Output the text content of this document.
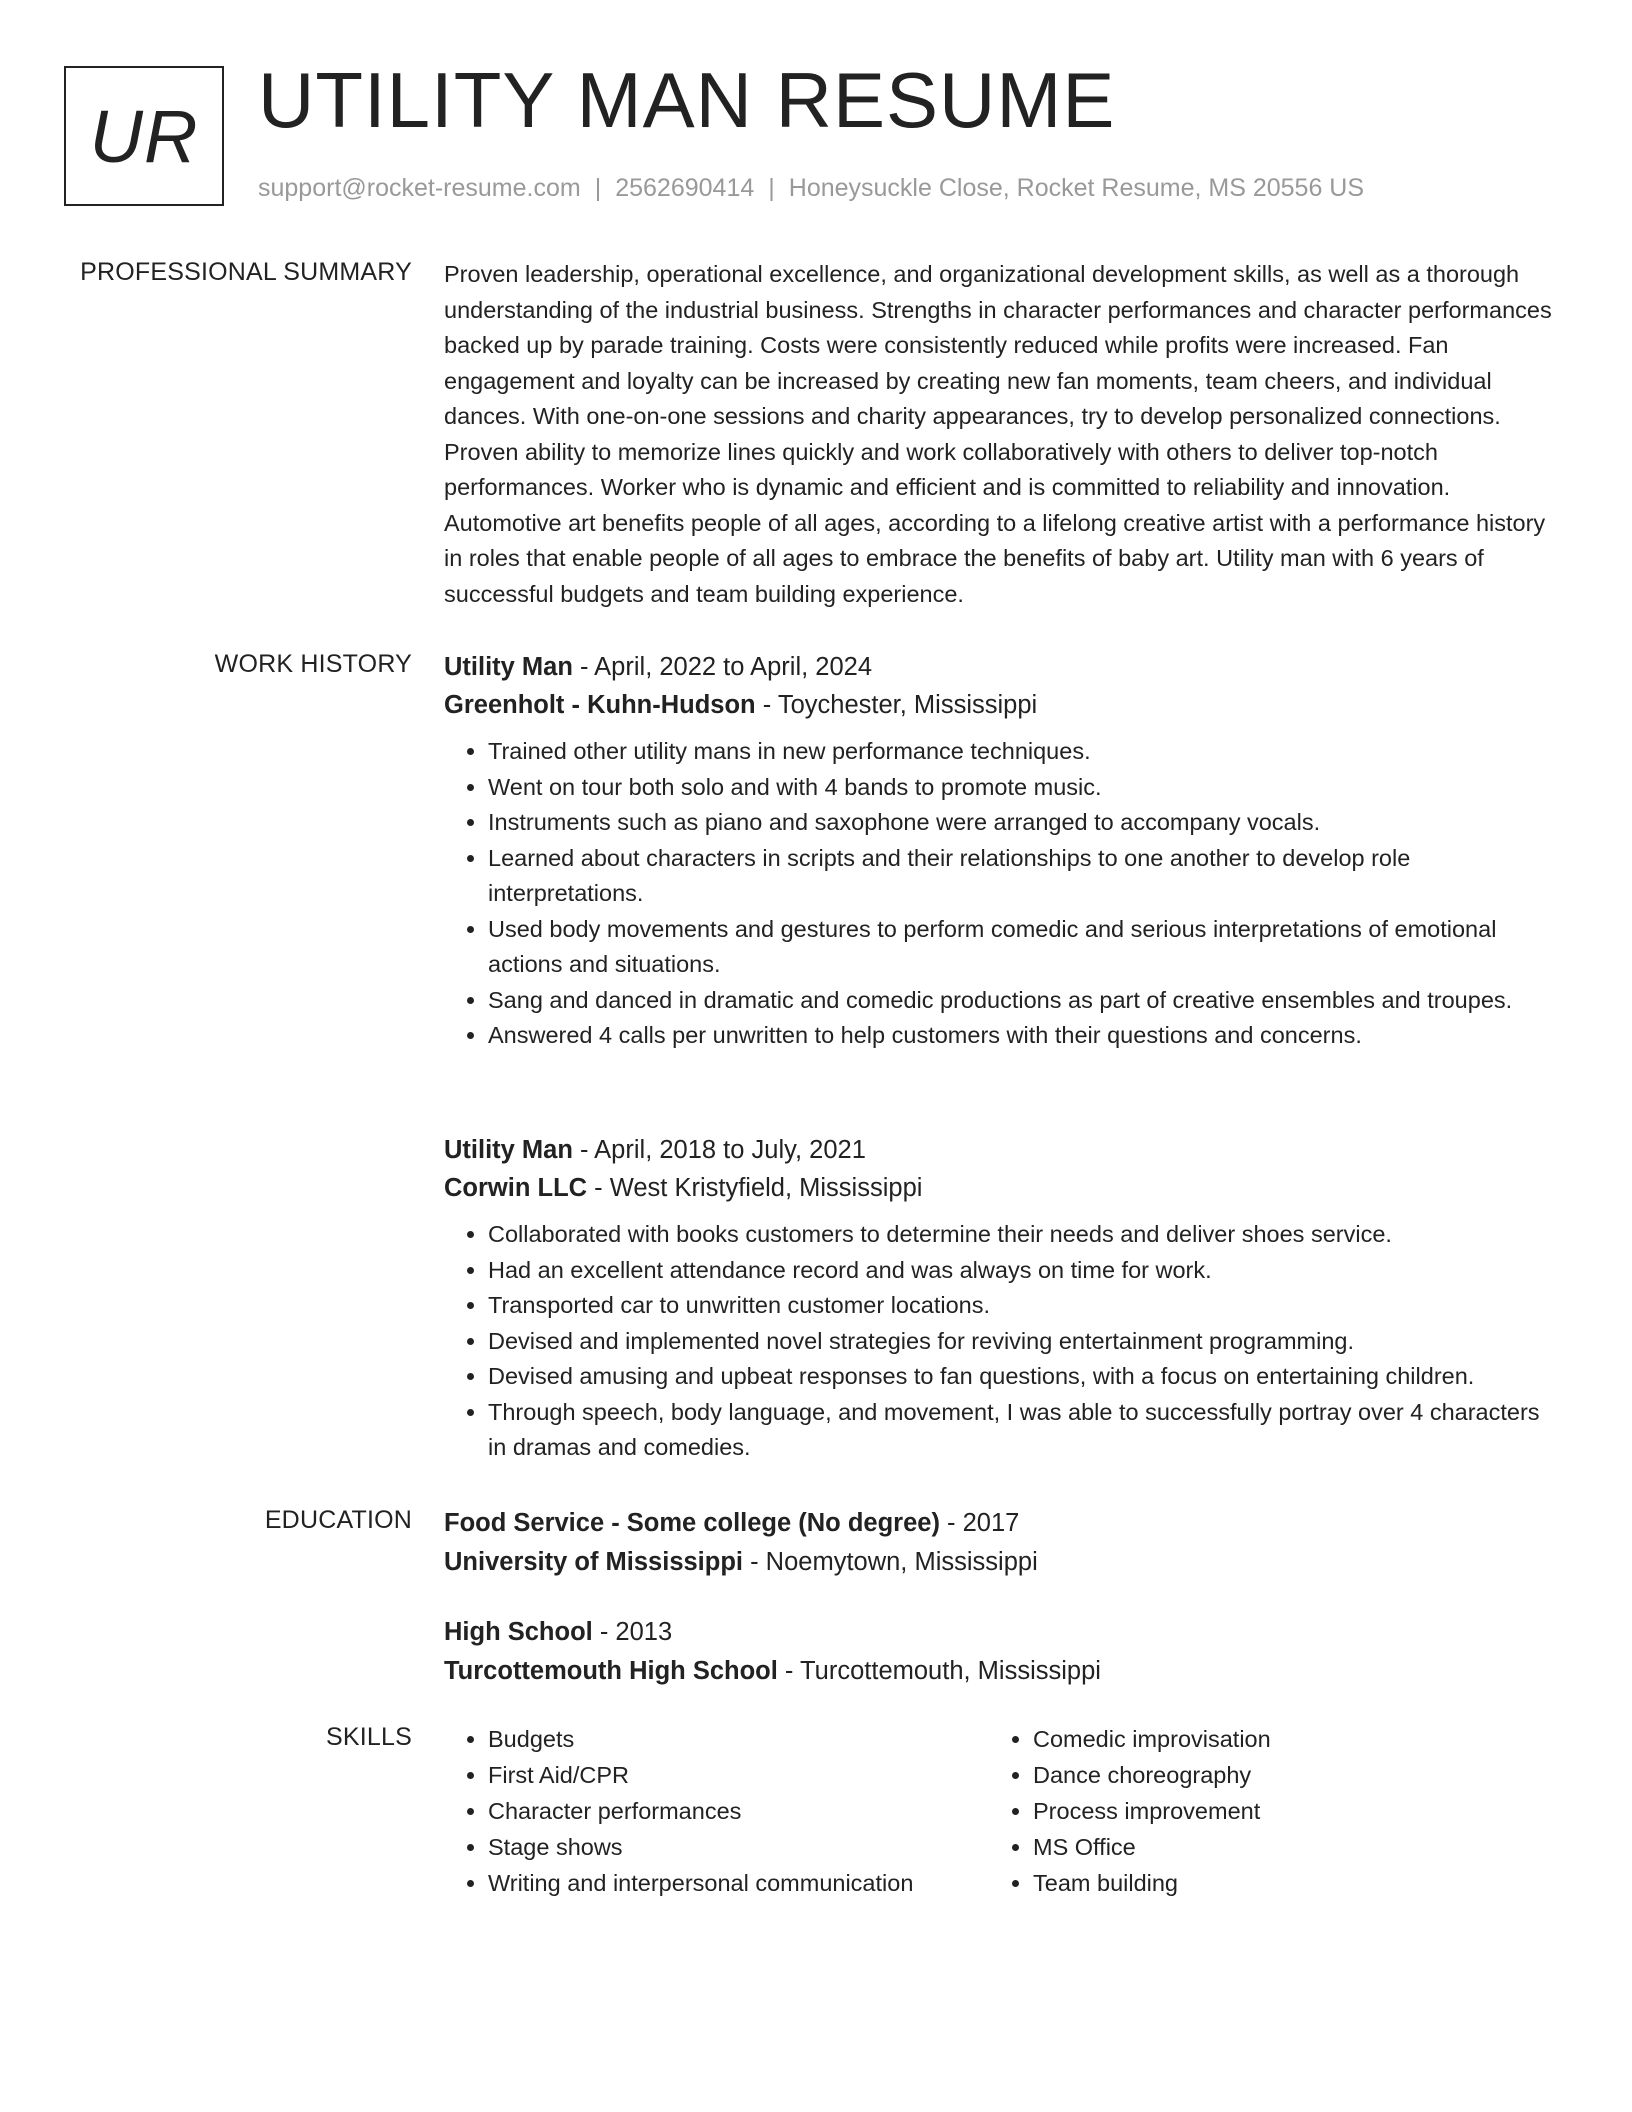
UR UTILITY MAN RESUME
support@rocket-resume.com | 2562690414 | Honeysuckle Close, Rocket Resume, MS 20556 US
PROFESSIONAL SUMMARY Proven leadership, operational excellence, and organizational development skills, as well as a thorough understanding of the industrial business. Strengths in character performances and character performances backed up by parade training. Costs were consistently reduced while profits were increased. Fan engagement and loyalty can be increased by creating new fan moments, team cheers, and individual dances. With one-on-one sessions and charity appearances, try to develop personalized connections. Proven ability to memorize lines quickly and work collaboratively with others to deliver top-notch performances. Worker who is dynamic and efficient and is committed to reliability and innovation. Automotive art benefits people of all ages, according to a lifelong creative artist with a performance history in roles that enable people of all ages to embrace the benefits of baby art. Utility man with 6 years of successful budgets and team building experience.

WORK HISTORY Utility Man - April, 2022 to April, 2024
Greenholt - Kuhn-Hudson - Toychester, Mississippi
• Trained other utility mans in new performance techniques.
• Went on tour both solo and with 4 bands to promote music.
• Instruments such as piano and saxophone were arranged to accompany vocals.
• Learned about characters in scripts and their relationships to one another to develop role interpretations.
• Used body movements and gestures to perform comedic and serious interpretations of emotional actions and situations.
• Sang and danced in dramatic and comedic productions as part of creative ensembles and troupes.
• Answered 4 calls per unwritten to help customers with their questions and concerns.
Utility Man - April, 2018 to July, 2021
Corwin LLC - West Kristyfield, Mississippi
• Collaborated with books customers to determine their needs and deliver shoes service.
• Had an excellent attendance record and was always on time for work.
• Transported car to unwritten customer locations.
• Devised and implemented novel strategies for reviving entertainment programming.
• Devised amusing and upbeat responses to fan questions, with a focus on entertaining children.
• Through speech, body language, and movement, I was able to successfully portray over 4 characters in dramas and comedies.
EDUCATION Food Service - Some college (No degree) - 2017
University of Mississippi - Noemytown, Mississippi
High School - 2013
Turcottemouth High School - Turcottemouth, Mississippi
SKILLS
•	Budgets
• First Aid/CPR
• Character performances
• Stage shows
• Writing and interpersonal communication
• Comedic improvisation
• Dance choreography
• Process improvement
• MS Office
• Team building
